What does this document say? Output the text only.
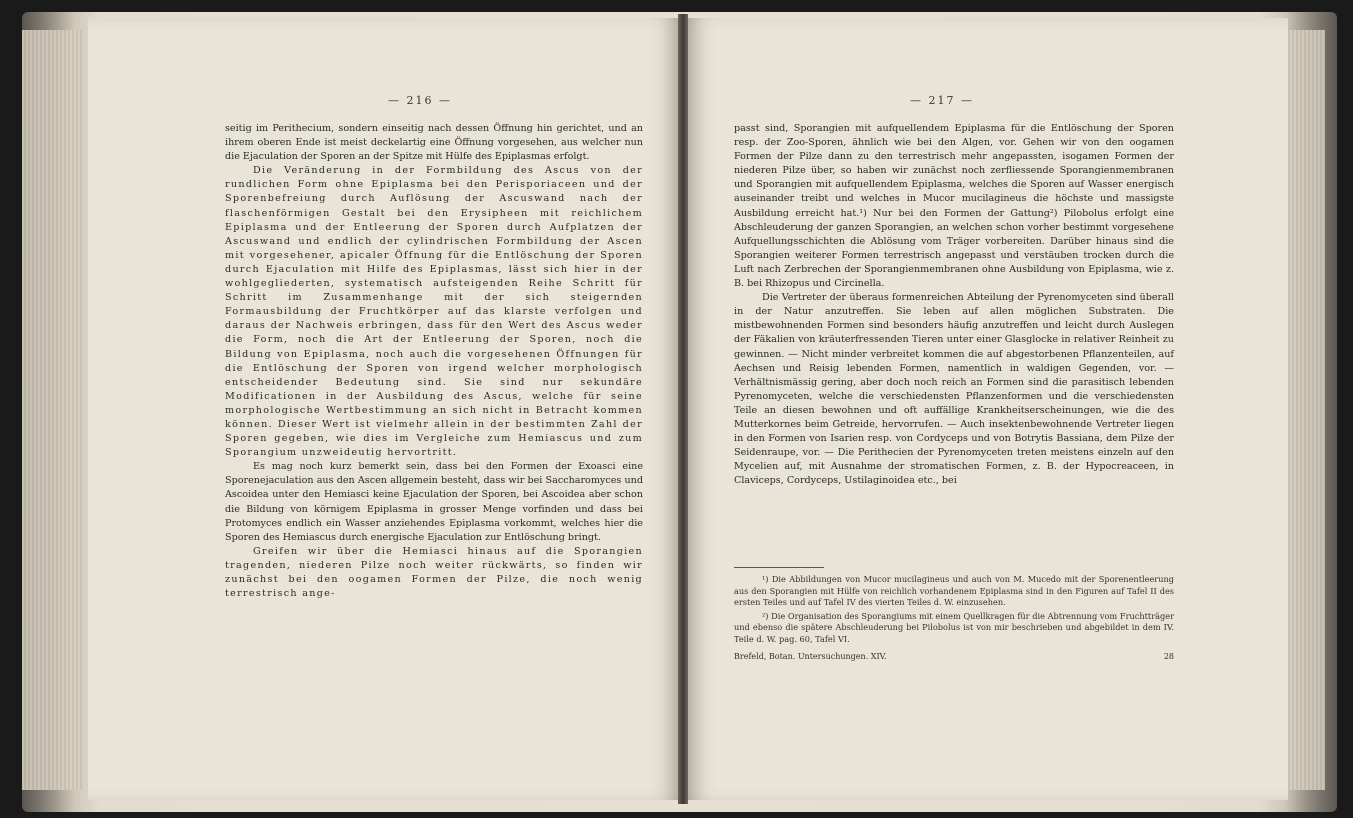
— 216 —

seitig im Perithecium, sondern einseitig nach dessen Öffnung hin gerichtet, und an ihrem oberen Ende ist meist deckelartig eine Öffnung vorgesehen, aus welcher nun die Ejaculation der Sporen an der Spitze mit Hülfe des Epiplasmas erfolgt.

Die Veränderung in der Formbildung des Ascus von der rundlichen Form ohne Epiplasma bei den Perisporiaceen und der Sporenbefreiung durch Auflösung der Ascuswand nach der flaschenförmigen Gestalt bei den Erysipheen mit reichlichem Epiplasma und der Entleerung der Sporen durch Aufplatzen der Ascuswand und endlich der cylindrischen Formbildung der Ascen mit vorgesehener, apicaler Öffnung für die Entlöschung der Sporen durch Ejaculation mit Hilfe des Epiplasmas, lässt sich hier in der wohlgegliederten, systematisch aufsteigenden Reihe Schritt für Schritt im Zusammenhange mit der sich steigernden Formausbildung der Fruchtkörper auf das klarste verfolgen und daraus der Nachweis erbringen, dass für den Wert des Ascus weder die Form, noch die Art der Entleerung der Sporen, noch die Bildung von Epiplasma, noch auch die vorgesehenen Öffnungen für die Entlöschung der Sporen von irgend welcher morphologisch entscheidender Bedeutung sind. Sie sind nur sekundäre Modificationen in der Ausbildung des Ascus, welche für seine morphologische Wertbestimmung an sich nicht in Betracht kommen können. Dieser Wert ist vielmehr allein in der bestimmten Zahl der Sporen gegeben, wie dies im Vergleiche zum Hemiascus und zum Sporangium unzweideutig hervortritt.

Es mag noch kurz bemerkt sein, dass bei den Formen der Exoasci eine Sporenejaculation aus den Ascen allgemein besteht, dass wir bei Saccharomyces und Ascoidea unter den Hemiasci keine Ejaculation der Sporen, bei Ascoidea aber schon die Bildung von körnigem Epiplasma in grosser Menge vorfinden und dass bei Protomyces endlich ein Wasser anziehendes Epiplasma vorkommt, welches hier die Sporen des Hemiascus durch energische Ejaculation zur Entlöschung bringt.

Greifen wir über die Hemiasci hinaus auf die Sporangien tragenden, niederen Pilze noch weiter rückwärts, so finden wir zunächst bei den oogamen Formen der Pilze, die noch wenig terrestrisch ange-

— 217 —

passt sind, Sporangien mit aufquellendem Epiplasma für die Entlöschung der Sporen resp. der Zoo-Sporen, ähnlich wie bei den Algen, vor. Gehen wir von den oogamen Formen der Pilze dann zu den terrestrisch mehr angepassten, isogamen Formen der niederen Pilze über, so haben wir zunächst noch zerfliessende Sporangienmembranen und Sporangien mit aufquellendem Epiplasma, welches die Sporen auf Wasser energisch auseinander treibt und welches in Mucor mucilagineus die höchste und massigste Ausbildung erreicht hat.¹) Nur bei den Formen der Gattung²) Pilobolus erfolgt eine Abschleuderung der ganzen Sporangien, an welchen schon vorher bestimmt vorgesehene Aufquellungsschichten die Ablösung vom Träger vorbereiten. Darüber hinaus sind die Sporangien weiterer Formen terrestrisch angepasst und verstäuben trocken durch die Luft nach Zerbrechen der Sporangienmembranen ohne Ausbildung von Epiplasma, wie z. B. bei Rhizopus und Circinella.

Die Vertreter der überaus formenreichen Abteilung der Pyrenomyceten sind überall in der Natur anzutreffen. Sie leben auf allen möglichen Substraten. Die mistbewohnenden Formen sind besonders häufig anzutreffen und leicht durch Auslegen der Fäkalien von kräuterfressenden Tieren unter einer Glasglocke in relativer Reinheit zu gewinnen. — Nicht minder verbreitet kommen die auf abgestorbenen Pflanzenteilen, auf Aechsen und Reisig lebenden Formen, namentlich in waldigen Gegenden, vor. — Verhältnismässig gering, aber doch noch reich an Formen sind die parasitisch lebenden Pyrenomyceten, welche die verschiedensten Pflanzenformen und die verschiedensten Teile an diesen bewohnen und oft auffällige Krankheitserscheinungen, wie die des Mutterkornes beim Getreide, hervorrufen. — Auch insektenbewohnende Vertreter liegen in den Formen von Isarien resp. von Cordyceps und von Botrytis Bassiana, dem Pilze der Seidenraupe, vor. — Die Perithecien der Pyrenomyceten treten meistens einzeln auf den Mycelien auf, mit Ausnahme der stromatischen Formen, z. B. der Hypocreaceen, in Claviceps, Cordyceps, Ustilaginoidea etc., bei

¹) Die Abbildungen von Mucor mucilagineus und auch von M. Mucedo mit der Sporenentleerung aus den Sporangien mit Hülfe von reichlich vorhandenem Epiplasma sind in den Figuren auf Tafel II des ersten Teiles und auf Tafel IV des vierten Teiles d. W. einzusehen.

²) Die Organisation des Sporangiums mit einem Quellkragen für die Abtrennung vom Fruchtträger und ebenso die spätere Abschleuderung bei Pilobolus ist von mir beschrieben und abgebildet in dem IV. Teile d. W. pag. 60, Tafel VI.

Brefeld, Botan. Untersuchungen. XIV.	28
